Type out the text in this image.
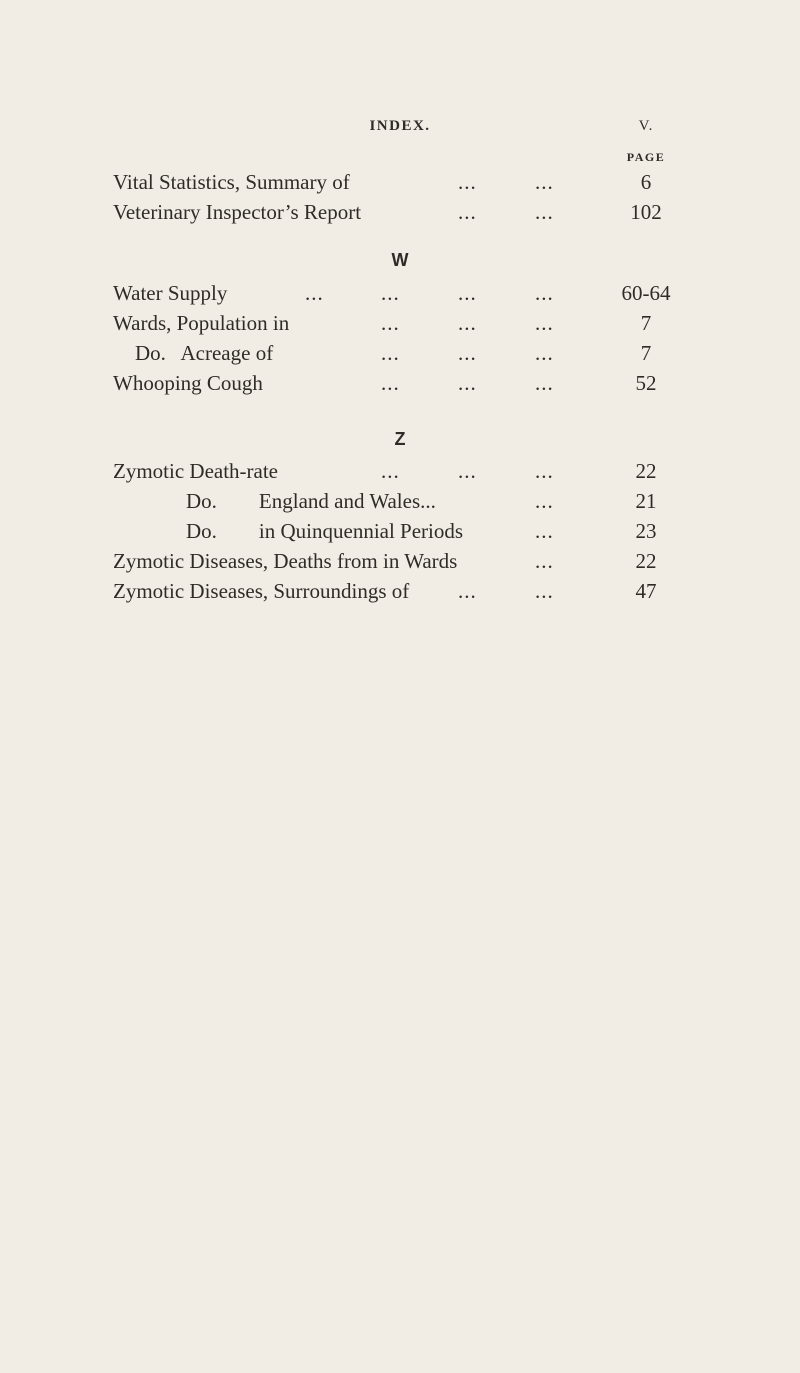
INDEX.	V.
PAGE
Vital Statistics, Summary of	...	...	6
Veterinary Inspector’s Report	...	...	102
W
Water Supply	...	...	...	...	60-64
Wards, Population in	...	...	...	7
Do.   Acreage of	...	...	...	7
Whooping Cough	...	...	...	52
Z
Zymotic Death-rate	...	...	...	22
Do.        England and Wales...	...	21
Do.        in Quinquennial Periods	...	23
Zymotic Diseases, Deaths from in Wards	...	22
Zymotic Diseases, Surroundings of ...	...	47
